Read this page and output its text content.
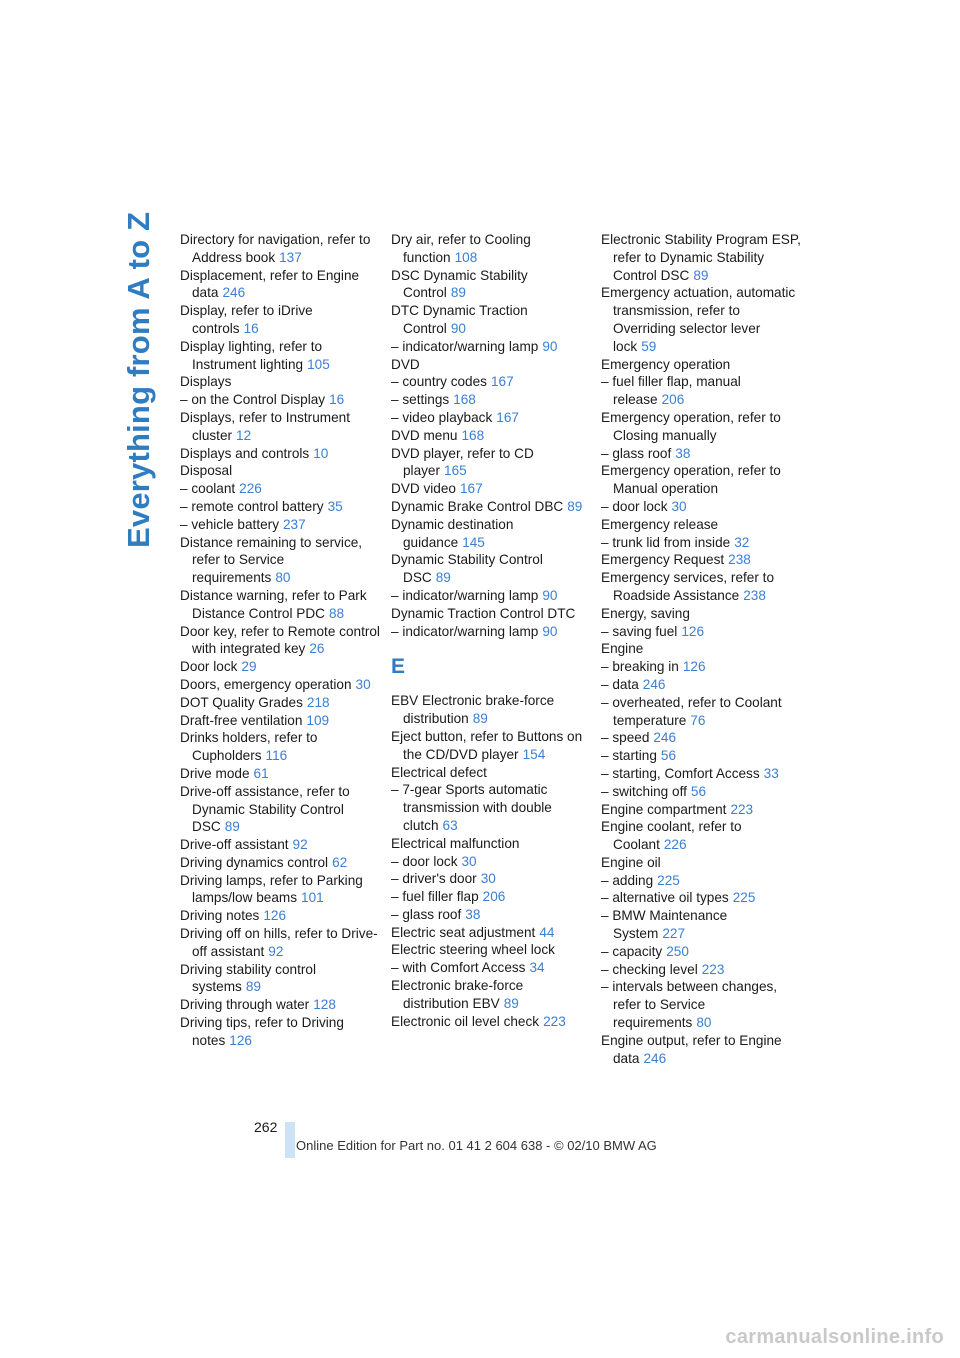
Everything from A to Z Directory for navigation, refer to Address book 137
Displacement, refer to Engine data 246
Display, refer to iDrive controls 16
Display lighting, refer to Instrument lighting 105
Displays
– on the Control Display 16
Displays, refer to Instrument cluster 12
Displays and controls 10
Disposal
– coolant 226
– remote control battery 35
– vehicle battery 237
Distance remaining to service, refer to Service requirements 80
Distance warning, refer to Park Distance Control PDC 88
Door key, refer to Remote control with integrated key 26
Door lock 29
Doors, emergency operation 30
DOT Quality Grades 218
Draft-free ventilation 109
Drinks holders, refer to Cupholders 116
Drive mode 61
Drive-off assistance, refer to Dynamic Stability Control DSC 89
Drive-off assistant 92
Driving dynamics control 62
Driving lamps, refer to Parking lamps/low beams 101
Driving notes 126
Driving off on hills, refer to Drive-off assistant 92
Driving stability control systems 89
Driving through water 128
Driving tips, refer to Driving notes 126
Dry air, refer to Cooling function 108
DSC Dynamic Stability Control 89
DTC Dynamic Traction Control 90
– indicator/warning lamp 90
DVD
– country codes 167
– settings 168
– video playback 167
DVD menu 168
DVD player, refer to CD player 165
DVD video 167
Dynamic Brake Control DBC 89
Dynamic destination guidance 145
Dynamic Stability Control DSC 89
– indicator/warning lamp 90
Dynamic Traction Control DTC
– indicator/warning lamp 90
E
EBV Electronic brake-force distribution 89
Eject button, refer to Buttons on the CD/DVD player 154
Electrical defect
– 7-gear Sports automatic transmission with double clutch 63
Electrical malfunction
– door lock 30
– driver's door 30
– fuel filler flap 206
– glass roof 38
Electric seat adjustment 44
Electric steering wheel lock
– with Comfort Access 34
Electronic brake-force distribution EBV 89
Electronic oil level check 223
Electronic Stability Program ESP, refer to Dynamic Stability Control DSC 89
Emergency actuation, automatic transmission, refer to Overriding selector lever lock 59
Emergency operation
– fuel filler flap, manual release 206
Emergency operation, refer to Closing manually
– glass roof 38
Emergency operation, refer to Manual operation
– door lock 30
Emergency release
– trunk lid from inside 32
Emergency Request 238
Emergency services, refer to Roadside Assistance 238
Energy, saving
– saving fuel 126
Engine
– breaking in 126
– data 246
– overheated, refer to Coolant temperature 76
– speed 246
– starting 56
– starting, Comfort Access 33
– switching off 56
Engine compartment 223
Engine coolant, refer to Coolant 226
Engine oil
– adding 225
– alternative oil types 225
– BMW Maintenance System 227
– capacity 250
– checking level 223
– intervals between changes, refer to Service requirements 80
Engine output, refer to Engine data 246
262
Online Edition for Part no. 01 41 2 604 638 - © 02/10 BMW AG
carmanualsonline.info
